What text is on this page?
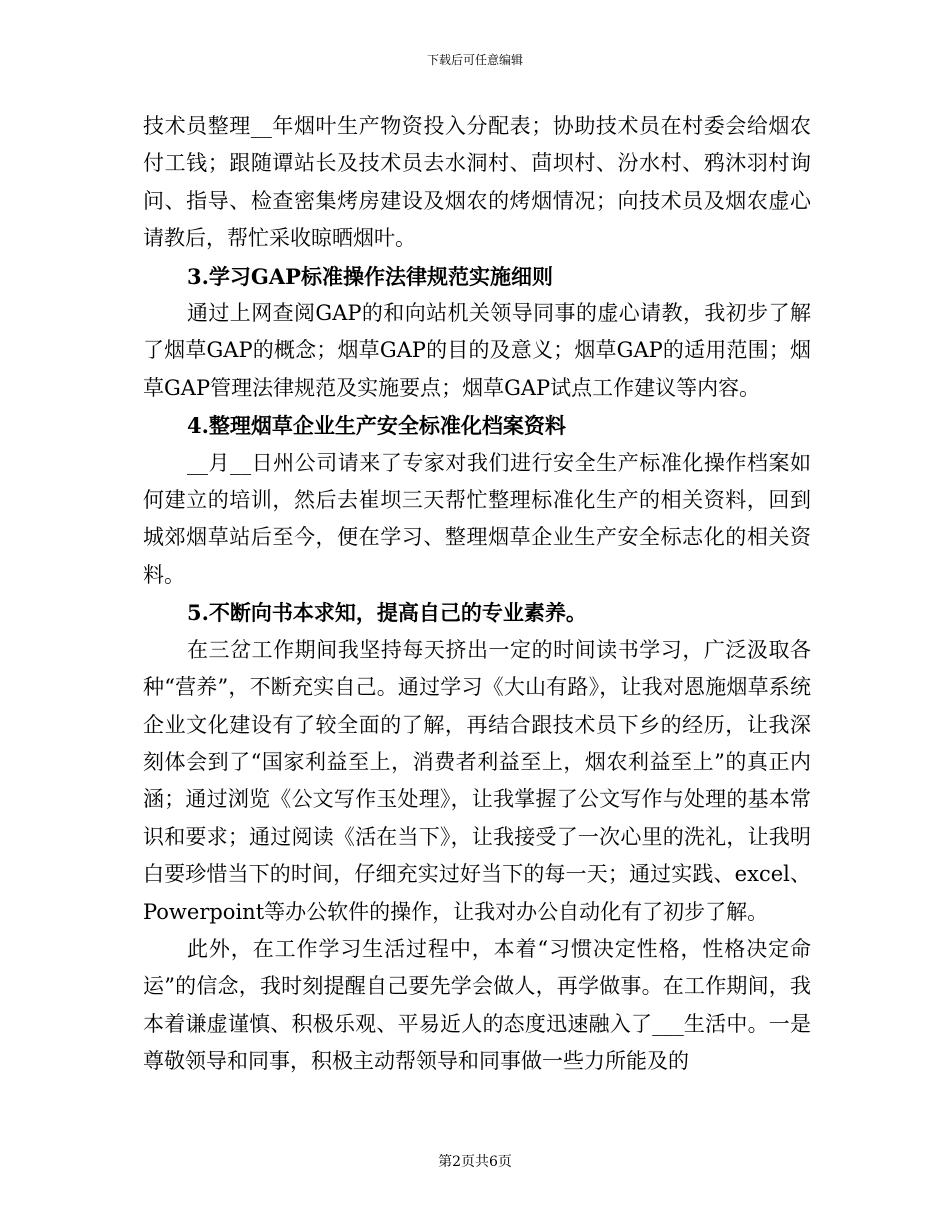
下载后可任意编辑

技术员整理__年烟叶生产物资投入分配表；协助技术员在村委会给烟农付工钱；跟随谭站长及技术员去水洞村、茴坝村、汾水村、鸦沐羽村询问、指导、检查密集烤房建设及烟农的烤烟情况；向技术员及烟农虚心请教后，帮忙采收晾晒烟叶。

3.学习GAP标准操作法律规范实施细则

通过上网查阅GAP的和向站机关领导同事的虚心请教，我初步了解了烟草GAP的概念；烟草GAP的目的及意义；烟草GAP的适用范围；烟草GAP管理法律规范及实施要点；烟草GAP试点工作建议等内容。

4.整理烟草企业生产安全标准化档案资料

__月__日州公司请来了专家对我们进行安全生产标准化操作档案如何建立的培训，然后去崔坝三天帮忙整理标准化生产的相关资料，回到城郊烟草站后至今，便在学习、整理烟草企业生产安全标志化的相关资料。

5.不断向书本求知，提高自己的专业素养。

在三岔工作期间我坚持每天挤出一定的时间读书学习，广泛汲取各种“营养”，不断充实自己。通过学习《大山有路》，让我对恩施烟草系统企业文化建设有了较全面的了解，再结合跟技术员下乡的经历，让我深刻体会到了“国家利益至上，消费者利益至上，烟农利益至上”的真正内涵；通过浏览《公文写作玉处理》，让我掌握了公文写作与处理的基本常识和要求；通过阅读《活在当下》，让我接受了一次心里的洗礼，让我明白要珍惜当下的时间，仔细充实过好当下的每一天；通过实践、excel、Powerpoint等办公软件的操作，让我对办公自动化有了初步了解。

此外，在工作学习生活过程中，本着“习惯决定性格，性格决定命运”的信念，我时刻提醒自己要先学会做人，再学做事。在工作期间，我本着谦虚谨慎、积极乐观、平易近人的态度迅速融入了___生活中。一是尊敬领导和同事，积极主动帮领导和同事做一些力所能及的

第2页共6页
